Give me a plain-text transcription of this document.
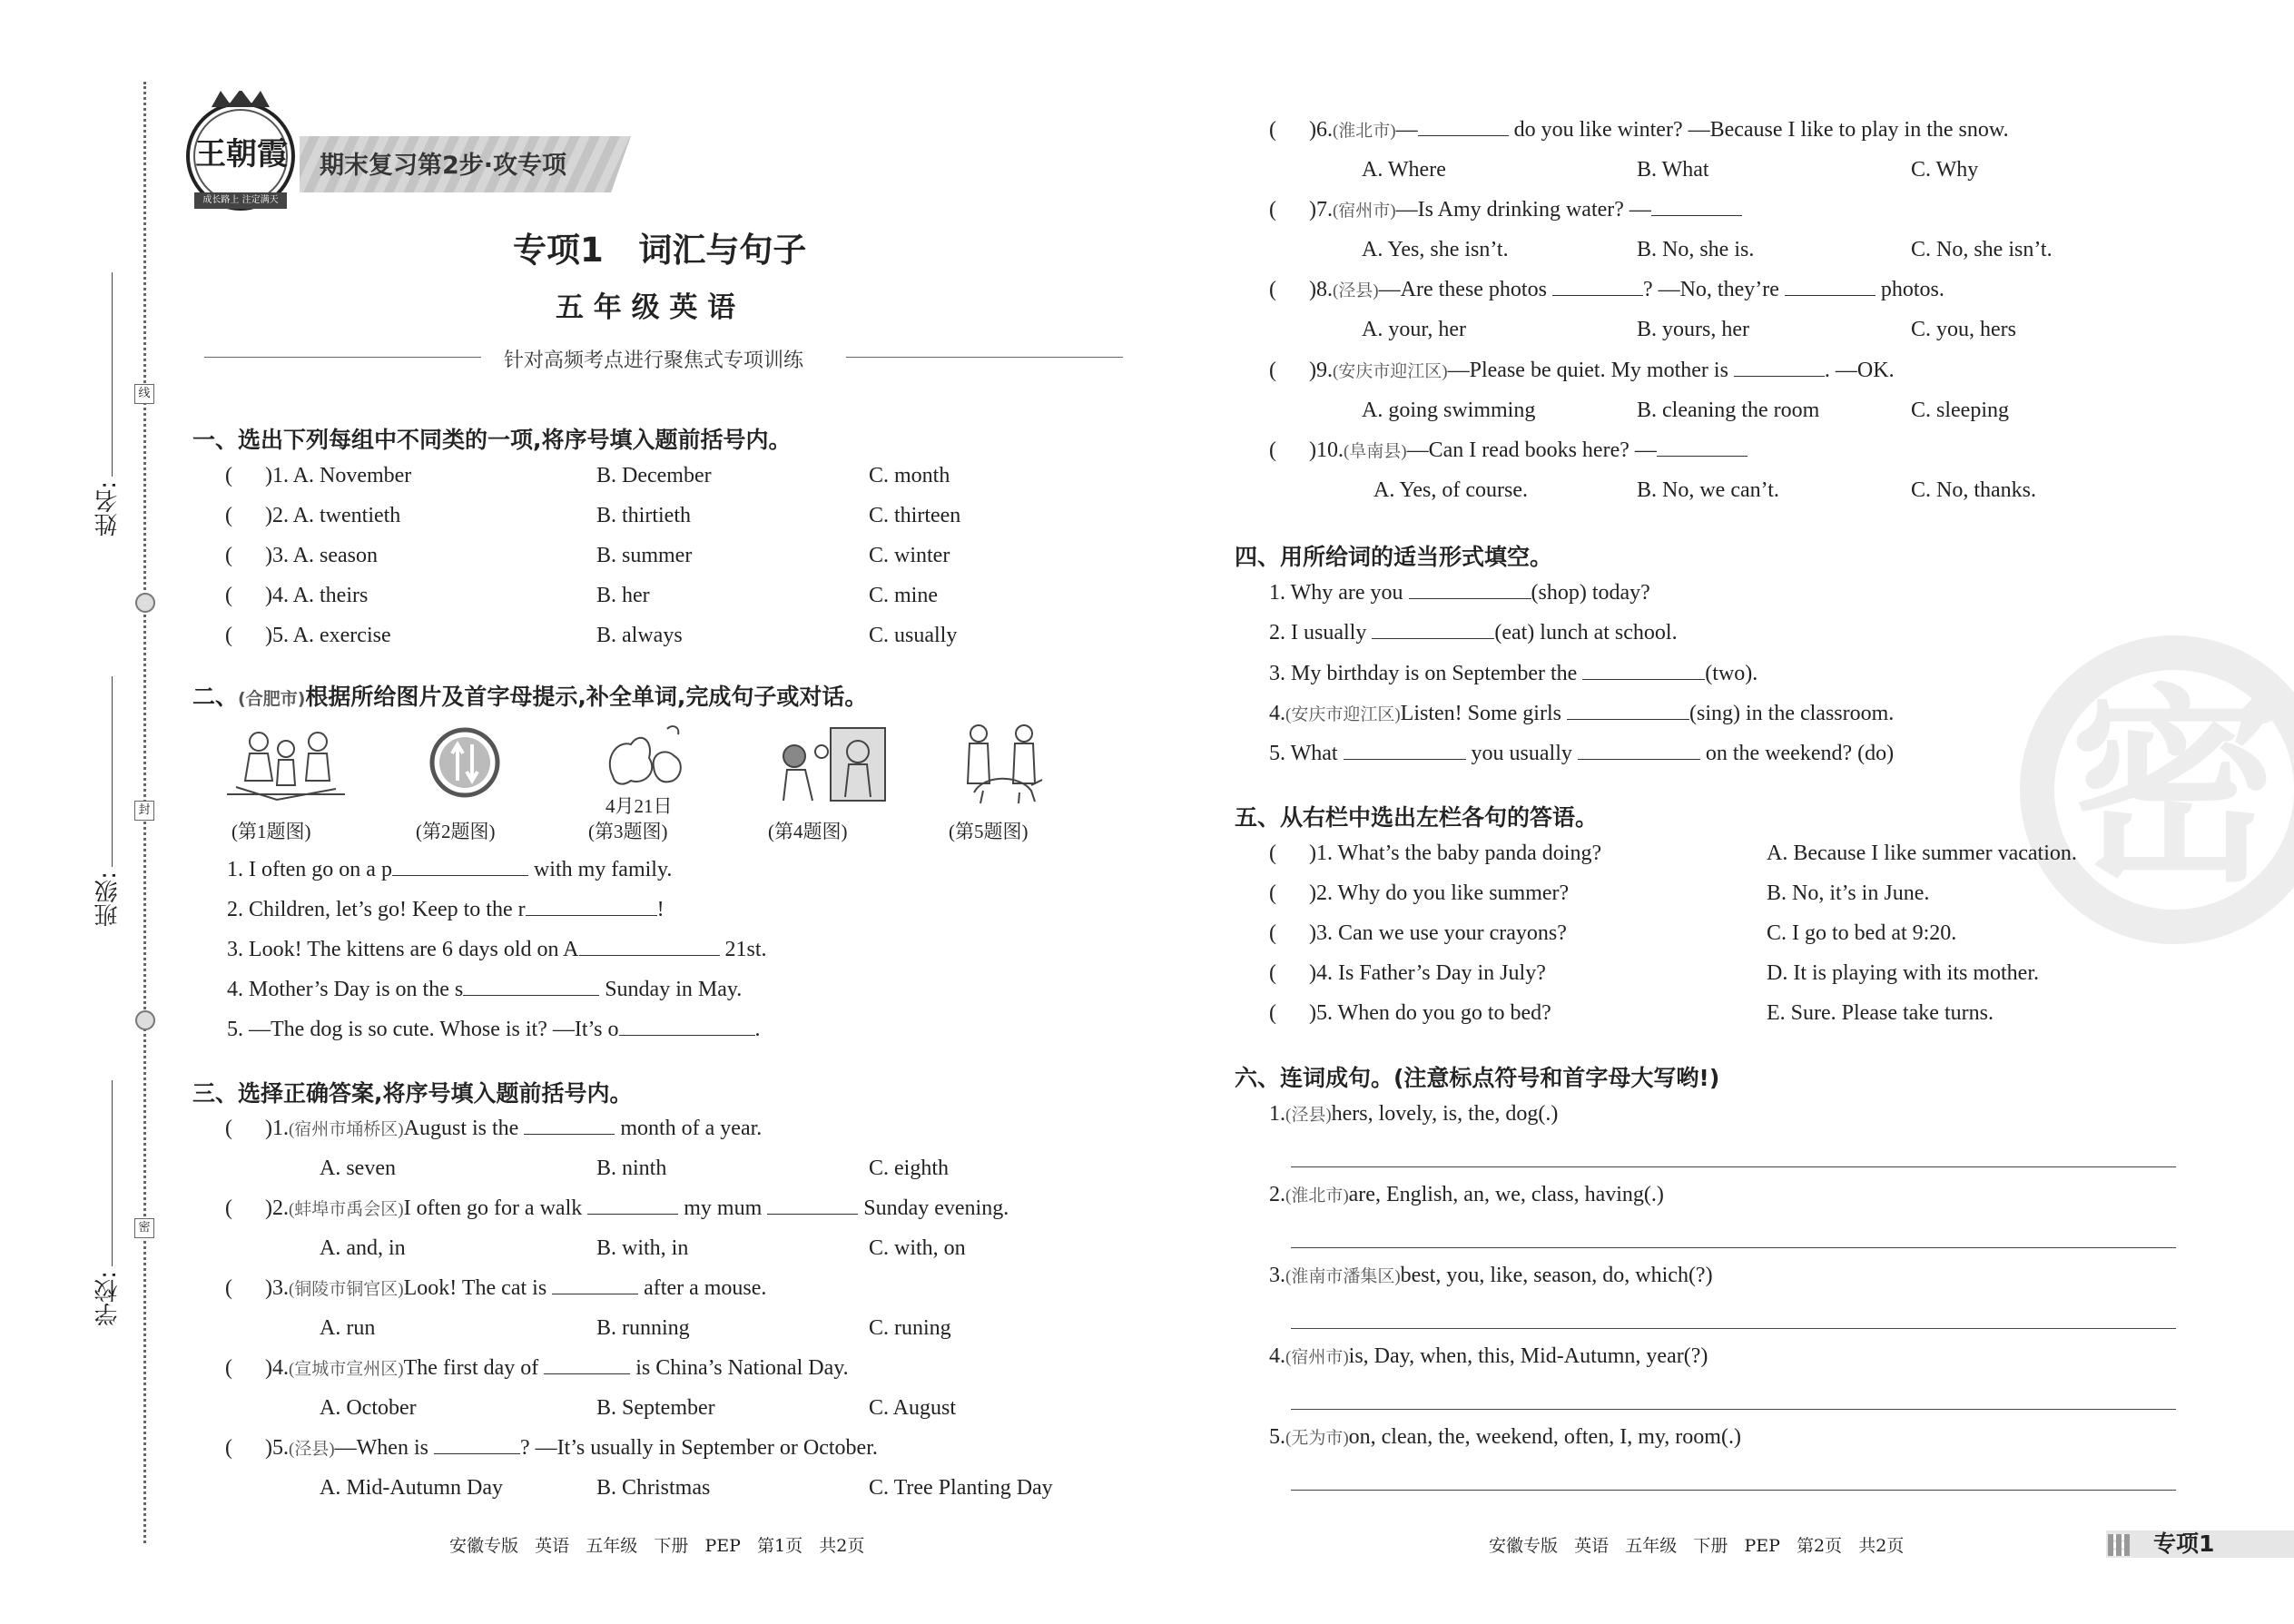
姓名:
班级:
学校:
线
封
密
王朝霞
成长路上 注定满天
期末复习第2步·攻专项
专项1   词汇与句子
五 年 级 英 语
针对高频考点进行聚焦式专项训练
一、选出下列每组中不同类的一项,将序号填入题前括号内。
(      )1. A. November	B. December	C. month
(      )2. A. twentieth	B. thirtieth	C. thirteen
(      )3. A. season	B. summer	C. winter
(      )4. A. theirs	B. her	C. mine
(      )5. A. exercise	B. always	C. usually
二、(合肥市)根据所给图片及首字母提示,补全单词,完成句子或对话。
4月21日
(第1题图)	(第2题图)	(第3题图)	(第4题图)	(第5题图)
1. I often go on a p	with my family.
2. Children, let’s go! Keep to the r	!
3. Look! The kittens are 6 days old on A	21st.
4. Mother’s Day is on the s	Sunday in May.
5. —The dog is so cute. Whose is it? —It’s o	.
三、选择正确答案,将序号填入题前括号内。
(      )1.(宿州市埇桥区)August is the	month of a year.
A. seven	B. ninth	C. eighth
(      )2.(蚌埠市禹会区)I often go for a walk	my mum	Sunday evening.
A. and, in	B. with, in	C. with, on
(      )3.(铜陵市铜官区)Look! The cat is	after a mouse.
A. run	B. running	C. runing
(      )4.(宣城市宣州区)The first day of	is China’s National Day.
A. October	B. September	C. August
(      )5.(泾县)—When is	? —It’s usually in September or October.
A. Mid-Autumn Day	B. Christmas	C. Tree Planting Day
安徽专版   英语   五年级   下册   PEP   第1页   共2页
(      )6.(淮北市)—	do you like winter? —Because I like to play in the snow.
A. Where	B. What	C. Why
(      )7.(宿州市)—Is Amy drinking water? —
A. Yes, she isn’t.	B. No, she is.	C. No, she isn’t.
(      )8.(泾县)—Are these photos	? —No, they’re	photos.
A. your, her	B. yours, her	C. you, hers
(      )9.(安庆市迎江区)—Please be quiet. My mother is	. —OK.
A. going swimming	B. cleaning the room	C. sleeping
(      )10.(阜南县)—Can I read books here? —
A. Yes, of course.	B. No, we can’t.	C. No, thanks.
四、用所给词的适当形式填空。
1. Why are you	(shop) today?
2. I usually	(eat) lunch at school.
3. My birthday is on September the	(two).
4.(安庆市迎江区)Listen! Some girls	(sing) in the classroom.
5. What	you usually	on the weekend? (do) 密
五、从右栏中选出左栏各句的答语。
(      )1. What’s the baby panda doing?	A. Because I like summer vacation.
(      )2. Why do you like summer?	B. No, it’s in June.
(      )3. Can we use your crayons?	C. I go to bed at 9:20.
(      )4. Is Father’s Day in July?	D. It is playing with its mother.
(      )5. When do you go to bed?	E. Sure. Please take turns.
六、连词成句。(注意标点符号和首字母大写哟!)
1.(泾县)hers, lovely, is, the, dog(.)
2.(淮北市)are, English, an, we, class, having(.)
3.(淮南市潘集区)best, you, like, season, do, which(?)
4.(宿州市)is, Day, when, this, Mid-Autumn, year(?)
5.(无为市)on, clean, the, weekend, often, I, my, room(.)
安徽专版   英语   五年级   下册   PEP   第2页   共2页	专项1
